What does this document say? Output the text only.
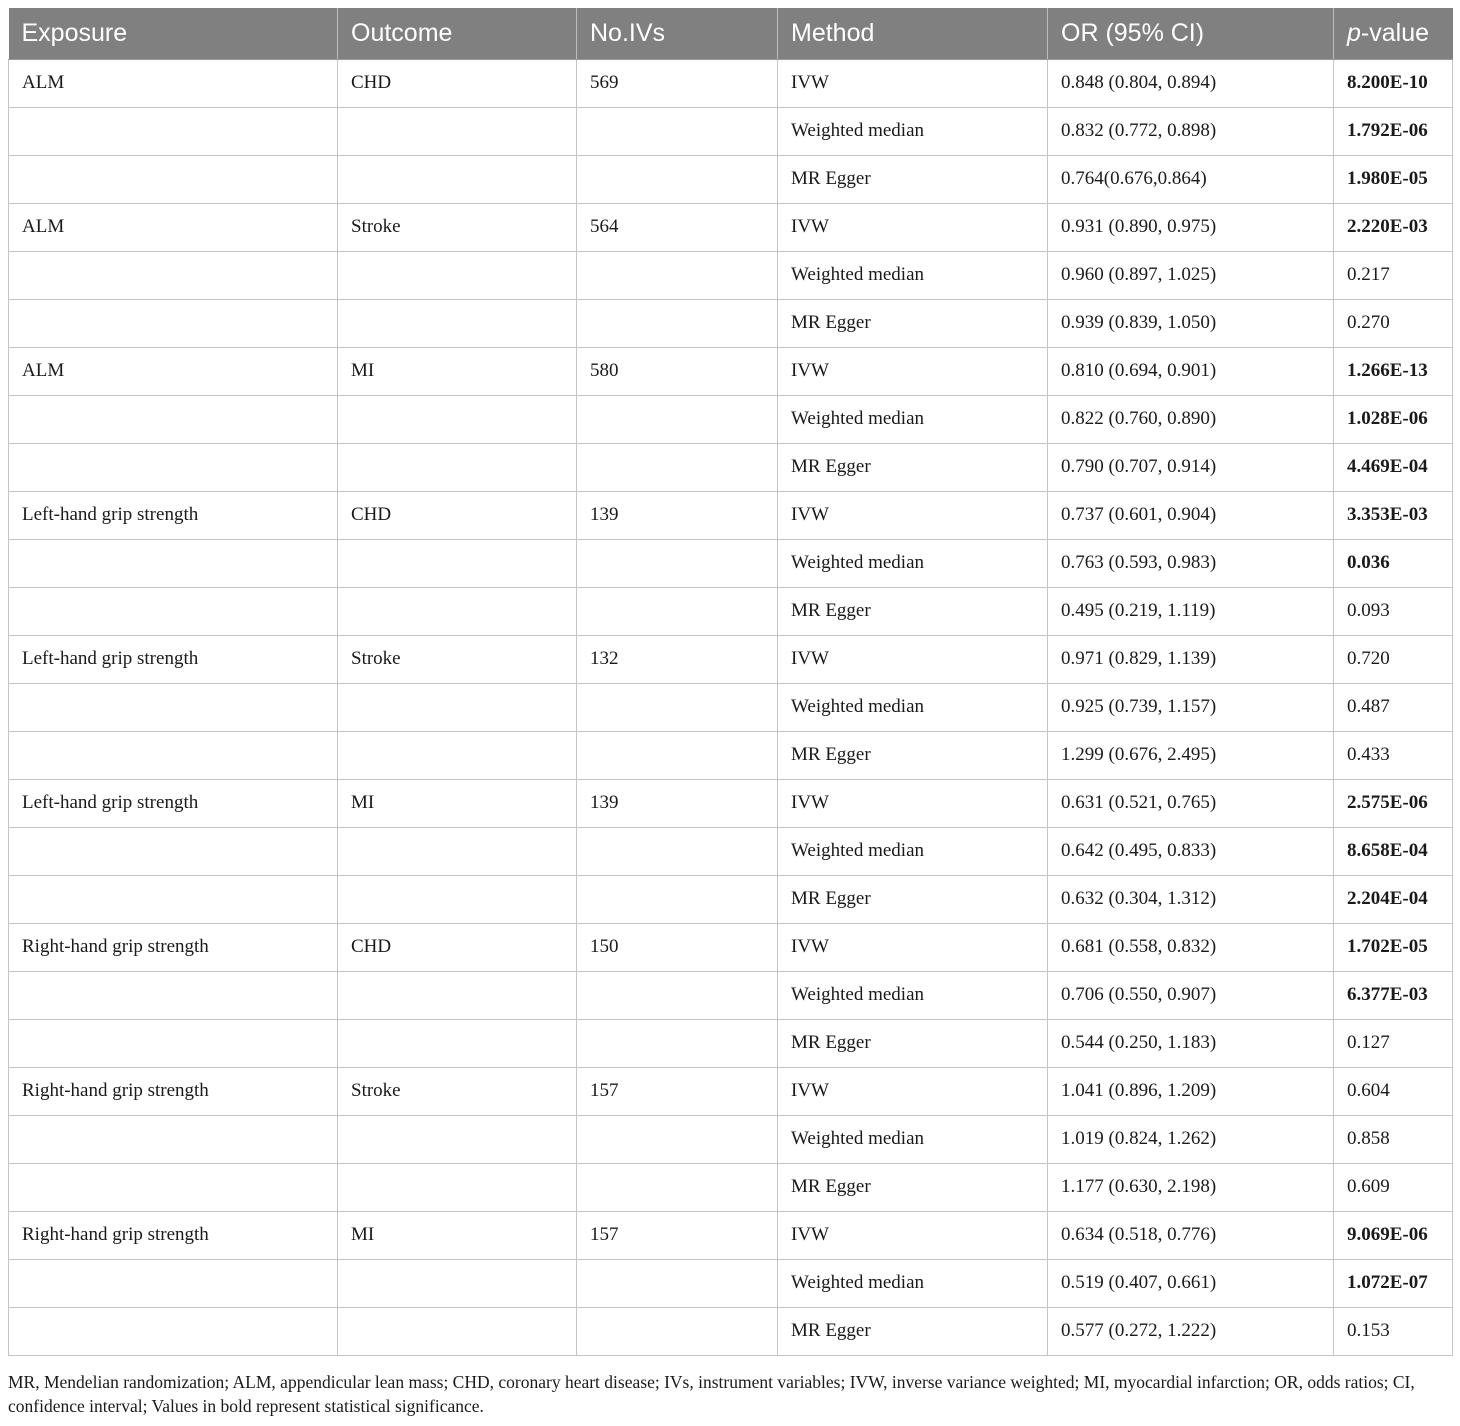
Exposure	Outcome	No.IVs	Method	OR (95% CI)	p-value
ALM	CHD	569	IVW	0.848 (0.804, 0.894)	8.200E-10
			Weighted median	0.832 (0.772, 0.898)	1.792E-06
			MR Egger	0.764(0.676,0.864)	1.980E-05
ALM	Stroke	564	IVW	0.931 (0.890, 0.975)	2.220E-03
			Weighted median	0.960 (0.897, 1.025)	0.217
			MR Egger	0.939 (0.839, 1.050)	0.270
ALM	MI	580	IVW	0.810 (0.694, 0.901)	1.266E-13
			Weighted median	0.822 (0.760, 0.890)	1.028E-06
			MR Egger	0.790 (0.707, 0.914)	4.469E-04
Left-hand grip strength	CHD	139	IVW	0.737 (0.601, 0.904)	3.353E-03
			Weighted median	0.763 (0.593, 0.983)	0.036
			MR Egger	0.495 (0.219, 1.119)	0.093
Left-hand grip strength	Stroke	132	IVW	0.971 (0.829, 1.139)	0.720
			Weighted median	0.925 (0.739, 1.157)	0.487
			MR Egger	1.299 (0.676, 2.495)	0.433
Left-hand grip strength	MI	139	IVW	0.631 (0.521, 0.765)	2.575E-06
			Weighted median	0.642 (0.495, 0.833)	8.658E-04
			MR Egger	0.632 (0.304, 1.312)	2.204E-04
Right-hand grip strength	CHD	150	IVW	0.681 (0.558, 0.832)	1.702E-05
			Weighted median	0.706 (0.550, 0.907)	6.377E-03
			MR Egger	0.544 (0.250, 1.183)	0.127
Right-hand grip strength	Stroke	157	IVW	1.041 (0.896, 1.209)	0.604
			Weighted median	1.019 (0.824, 1.262)	0.858
			MR Egger	1.177 (0.630, 2.198)	0.609
Right-hand grip strength	MI	157	IVW	0.634 (0.518, 0.776)	9.069E-06
			Weighted median	0.519 (0.407, 0.661)	1.072E-07
			MR Egger	0.577 (0.272, 1.222)	0.153
MR, Mendelian randomization; ALM, appendicular lean mass; CHD, coronary heart disease; IVs, instrument variables; IVW, inverse variance weighted; MI, myocardial infarction; OR, odds ratios; CI, confidence interval; Values in bold represent statistical significance.
